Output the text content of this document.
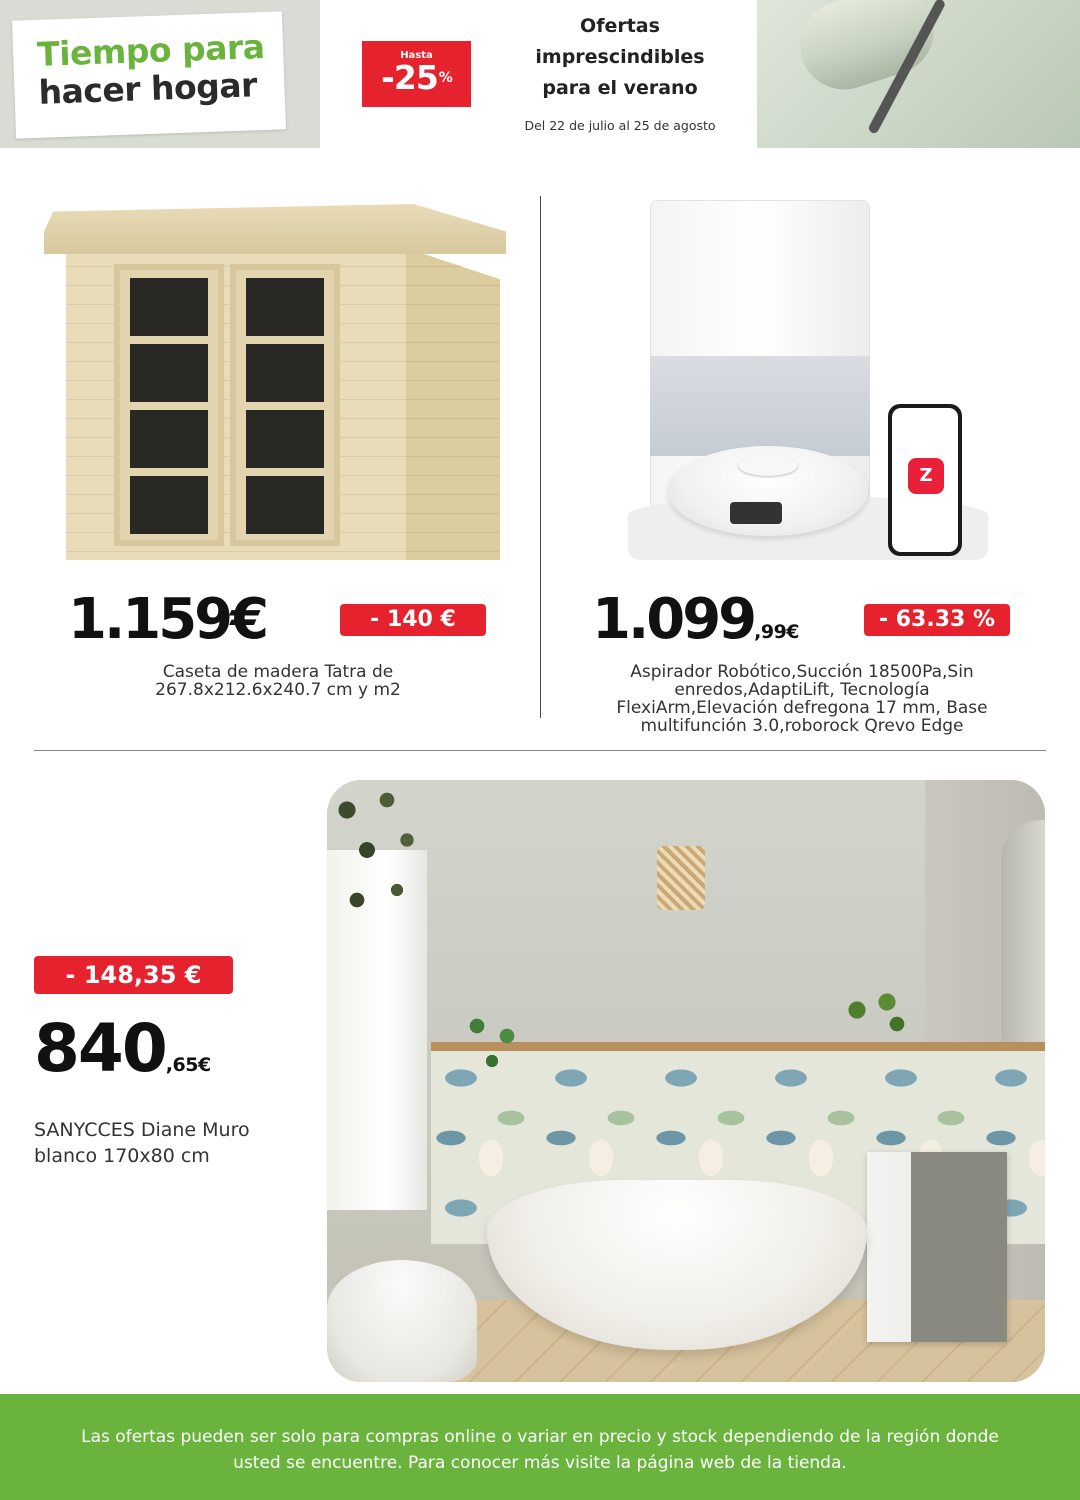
Tiempo para
hacer hogar
Hasta
-25%
Ofertas
imprescindibles
para el verano
Del 22 de julio al 25 de agosto
1.159€	- 140 €
Caseta de madera Tatra de 267.8x212.6x240.7 cm y m2
Z
1.099,99€	- 63.33 %
Aspirador Robótico,Succión 18500Pa,Sin enredos,AdaptiLift, Tecnología FlexiArm,Elevación defregona 17 mm, Base multifunción 3.0,roborock Qrevo Edge
- 148,35 €
840,65€
SANYCCES Diane Muro
blanco 170x80 cm
Las ofertas pueden ser solo para compras online o variar en precio y stock dependiendo de la región donde
usted se encuentre. Para conocer más visite la página web de la tienda.
